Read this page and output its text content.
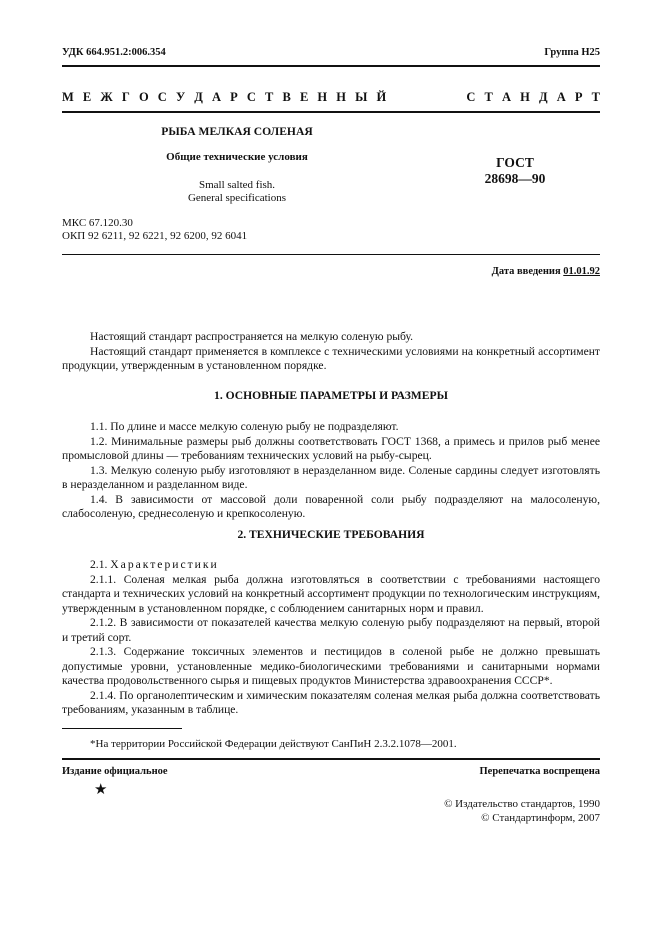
УДК 664.951.2:006.354	Группа Н25
М Е Ж Г О С У Д А Р С Т В Е Н Н Ы Й	С Т А Н Д А Р Т
РЫБА МЕЛКАЯ СОЛЕНАЯ
Общие технические условия
Small salted fish.
General specifications
ГОСТ
28698—90
МКС 67.120.30
ОКП 92 6211, 92 6221, 92 6200, 92 6041
Дата введения 01.01.92

Настоящий стандарт распространяется на мелкую соленую рыбу.

Настоящий стандарт применяется в комплексе с техническими условиями на конкретный ассортимент продукции, утвержденным в установленном порядке.

1. ОСНОВНЫЕ ПАРАМЕТРЫ И РАЗМЕРЫ

1.1. По длине и массе мелкую соленую рыбу не подразделяют.

1.2. Минимальные размеры рыб должны соответствовать ГОСТ 1368, а примесь и прилов рыб менее промысловой длины — требованиям технических условий на рыбу-сырец.

1.3. Мелкую соленую рыбу изготовляют в неразделанном виде. Соленые сардины следует изготовлять в неразделанном и разделанном виде.

1.4. В зависимости от массовой доли поваренной соли рыбу подразделяют на малосоленую, слабосоленую, среднесоленую и крепкосоленую.

2. ТЕХНИЧЕСКИЕ ТРЕБОВАНИЯ

2.1. Характеристики

2.1.1. Соленая мелкая рыба должна изготовляться в соответствии с требованиями настоящего стандарта и технических условий на конкретный ассортимент продукции по технологическим инструкциям, утвержденным в установленном порядке, с соблюдением санитарных норм и правил.

2.1.2. В зависимости от показателей качества мелкую соленую рыбу подразделяют на первый, второй и третий сорт.

2.1.3. Содержание токсичных элементов и пестицидов в соленой рыбе не должно превышать допустимые уровни, установленные медико-биологическими требованиями и санитарными нормами качества продовольственного сырья и пищевых продуктов Министерства здравоохранения СССР*.

2.1.4. По органолептическим и химическим показателям соленая мелкая рыба должна соответствовать требованиям, указанным в таблице.

*На территории Российской Федерации действуют СанПиН 2.3.2.1078—2001.
Издание официальное	Перепечатка воспрещена
★
© Издательство стандартов, 1990
© Стандартинформ, 2007
